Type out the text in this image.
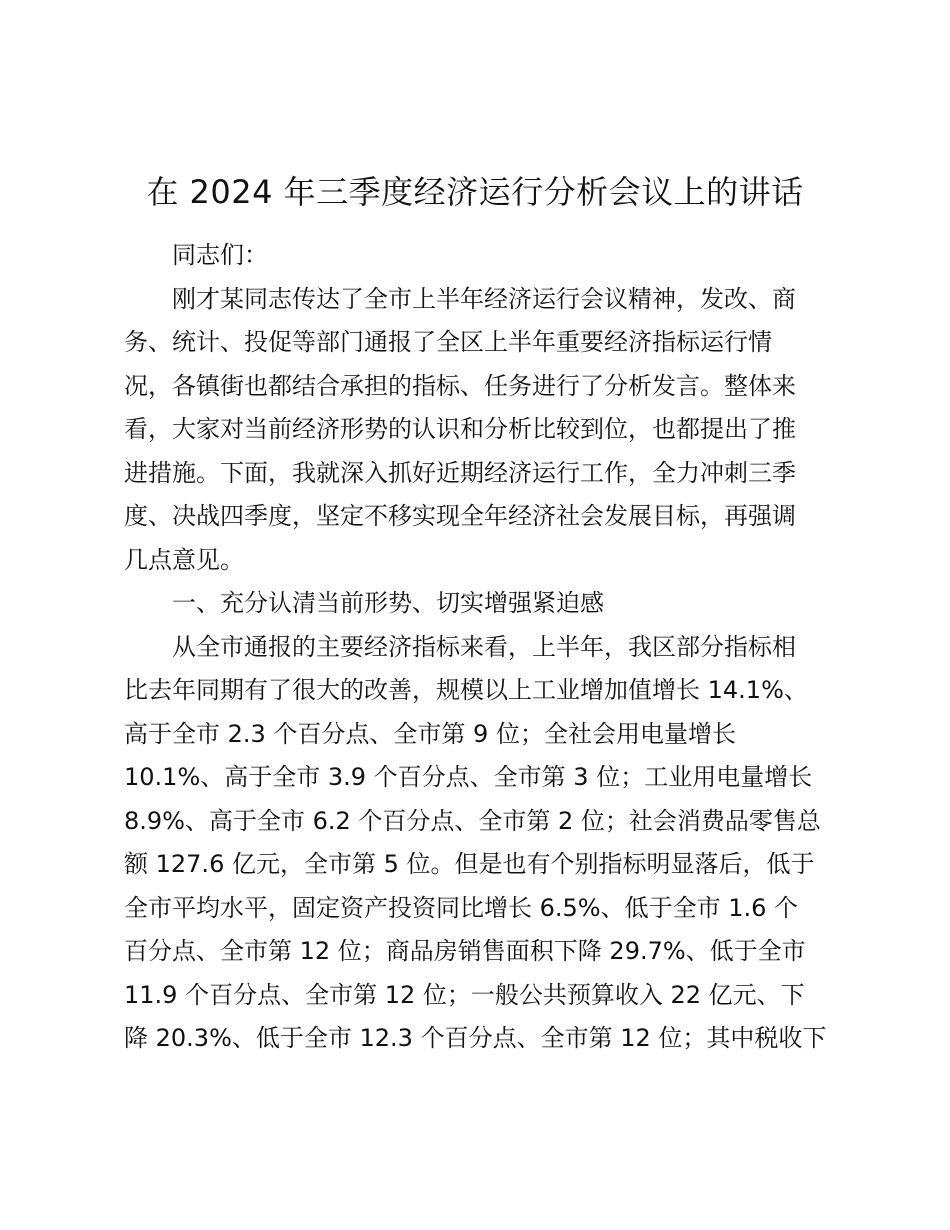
在 2024 年三季度经济运行分析会议上的讲话

同志们：

刚才某同志传达了全市上半年经济运行会议精神，发改、商

务、统计、投促等部门通报了全区上半年重要经济指标运行情

况，各镇街也都结合承担的指标、任务进行了分析发言。整体来

看，大家对当前经济形势的认识和分析比较到位，也都提出了推

进措施。下面，我就深入抓好近期经济运行工作，全力冲刺三季

度、决战四季度，坚定不移实现全年经济社会发展目标，再强调

几点意见。

一、充分认清当前形势、切实增强紧迫感

从全市通报的主要经济指标来看，上半年，我区部分指标相

比去年同期有了很大的改善，规模以上工业增加值增长 14.1%、

高于全市 2.3 个百分点、全市第 9 位；全社会用电量增长

10.1%、高于全市 3.9 个百分点、全市第 3 位；工业用电量增长

8.9%、高于全市 6.2 个百分点、全市第 2 位；社会消费品零售总

额 127.6 亿元，全市第 5 位。但是也有个别指标明显落后，低于

全市平均水平，固定资产投资同比增长 6.5%、低于全市 1.6 个

百分点、全市第 12 位；商品房销售面积下降 29.7%、低于全市

11.9 个百分点、全市第 12 位；一般公共预算收入 22 亿元、下

降 20.3%、低于全市 12.3 个百分点、全市第 12 位；其中税收下
